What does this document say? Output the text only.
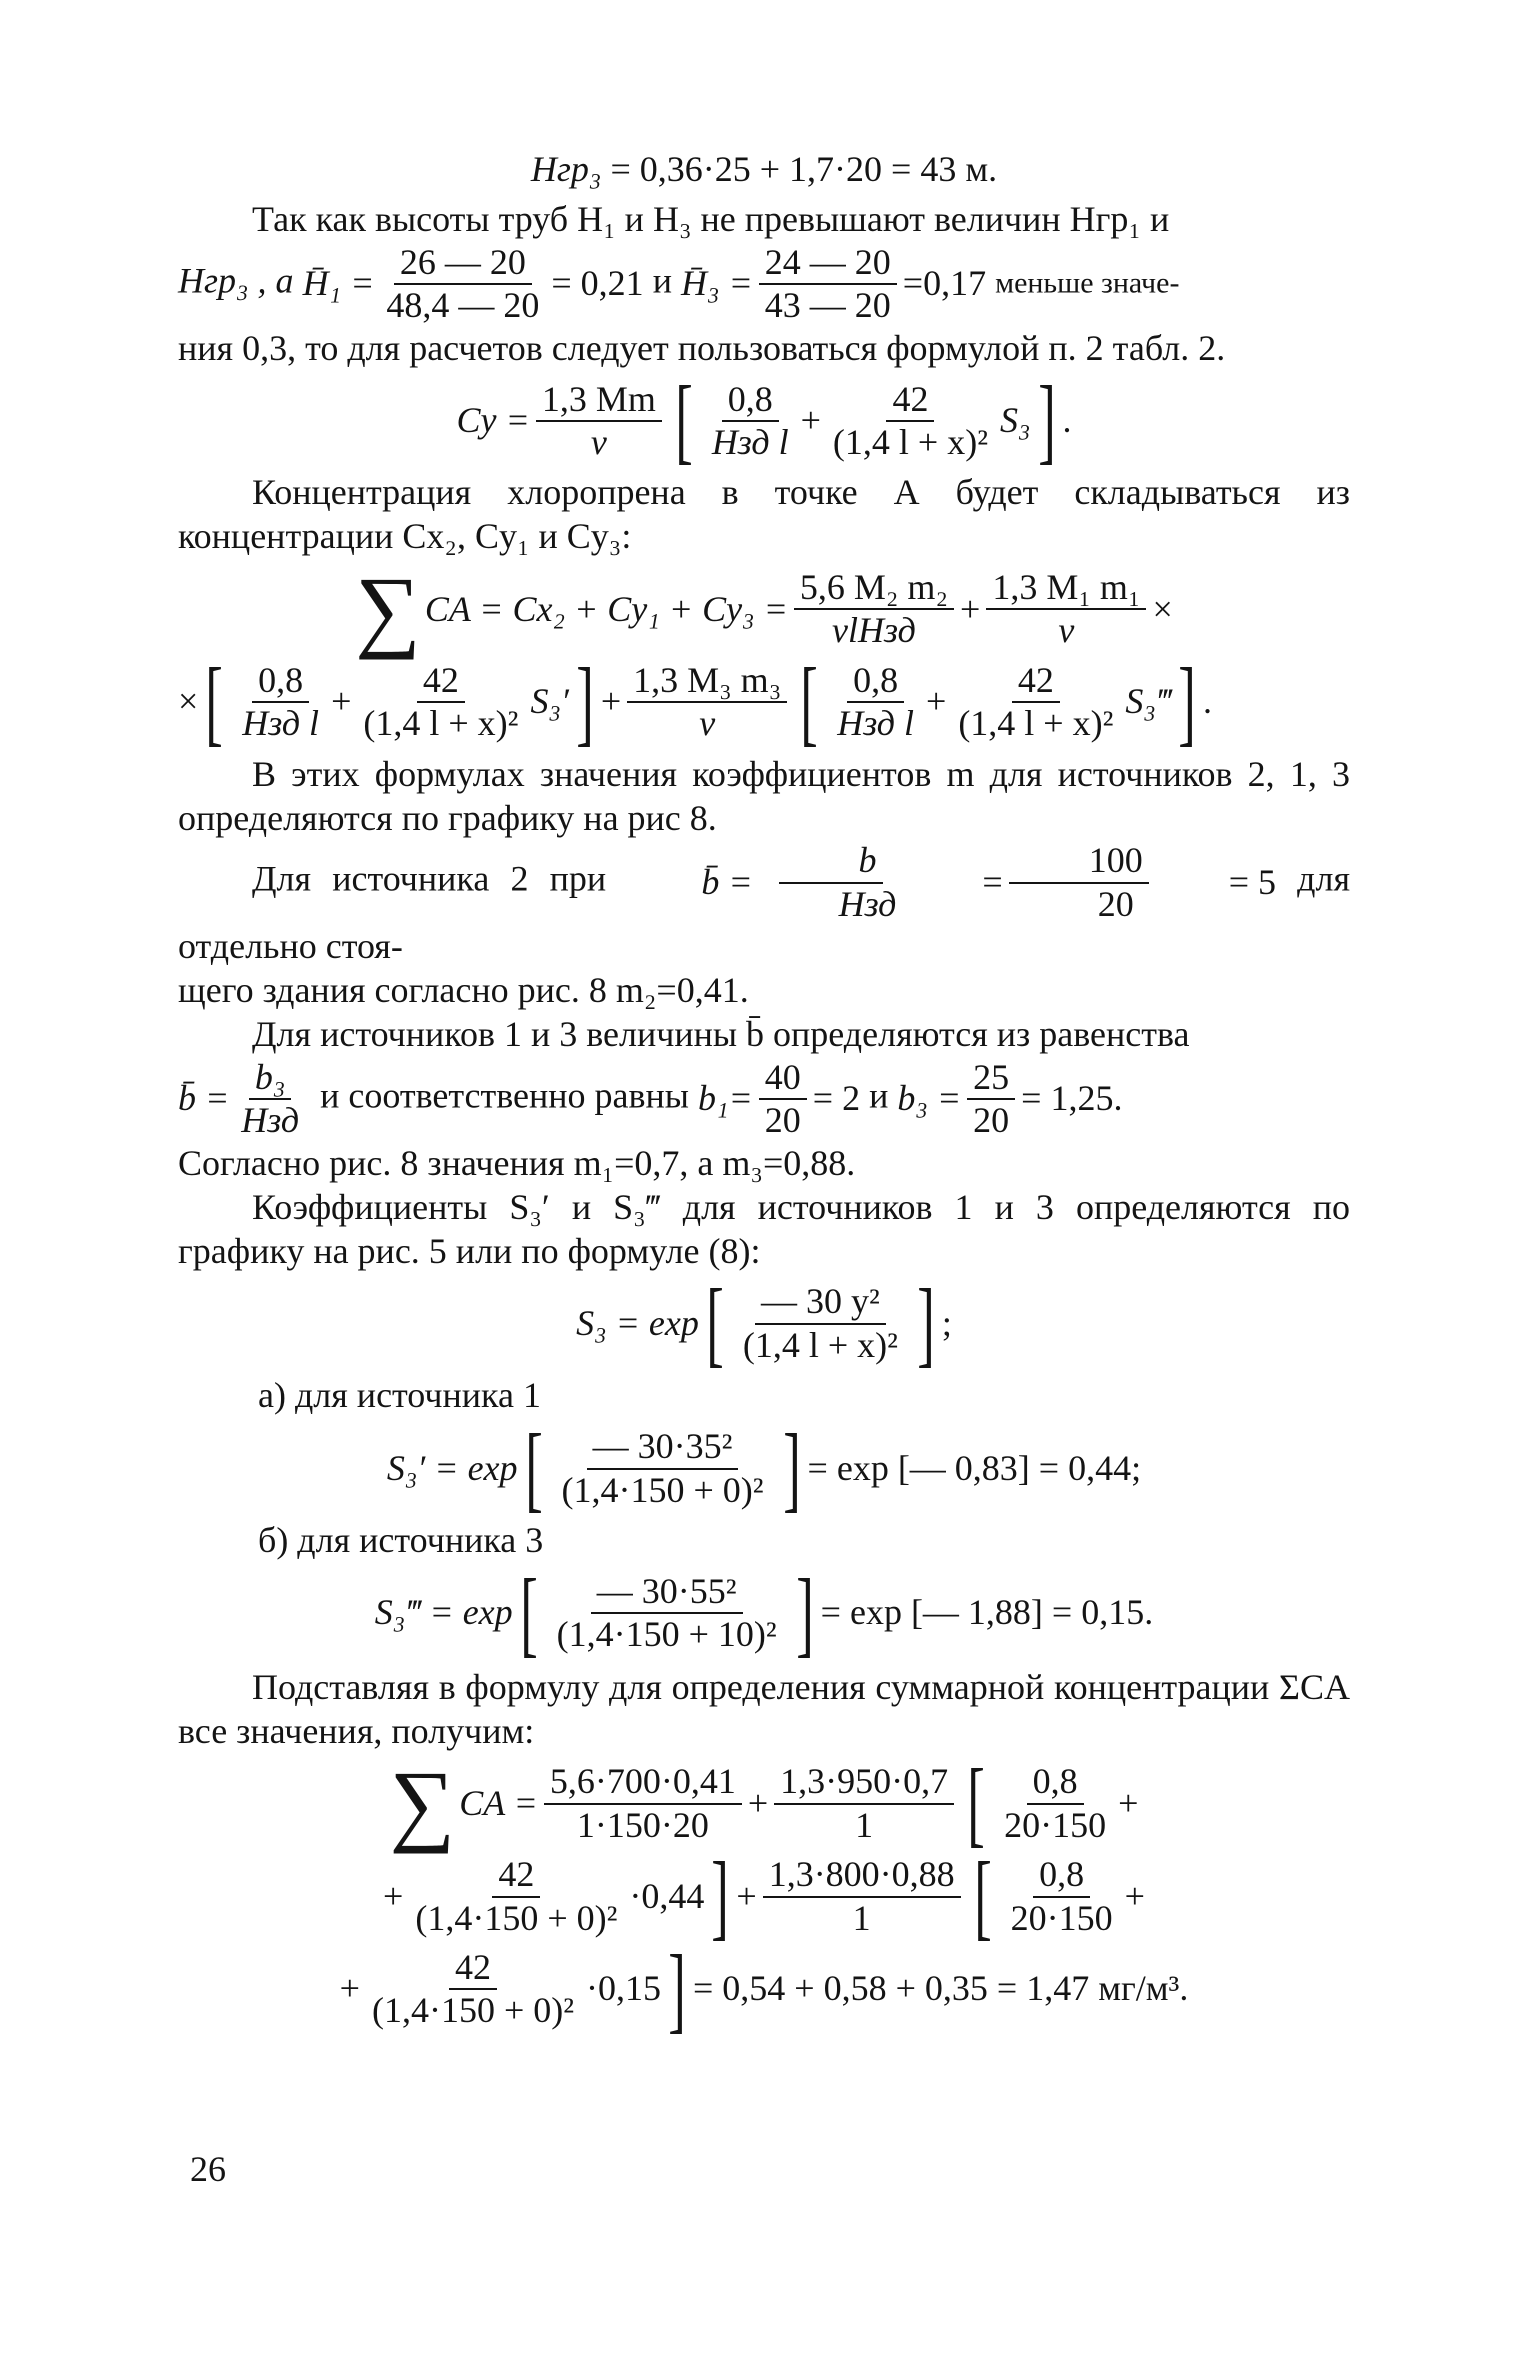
Hгр₃ = 0,36·25 + 1,7·20 = 43 м.

Так как высоты труб H₁ и H₃ не превышают величин Hгр₁ и

Hгр₃ , а H̄₁ = $\frac{26 — 20}{48,4 — 20} = 0,21$ и H̄₃ = $\frac{24 — 20}{43 — 20} =0,17$ меньше значе-

ния 0,3, то для расчетов следует пользоваться формулой п. 2 табл. 2.

$Cy = \frac{1,3 Mm}{v}$ [ 0,8
Hзд l
+ $\frac{42}{\text{(1,4 l + x)²}} S_3$ ] .

Концентрация хлоропрена в точке А будет складываться из концентрации Cx₂, Cy₁ и Cy₃:

∑ CA = Cx₂ + Cy₁ + Cy₃ =
5,6 M₂ m₂
vlHзд
+ $\frac{\text{1,3 M₁ m₁}}{v}$ ×

× [ 0,8
Hзд l
+ $\frac{42}{\text{(1,4 l + x)²}} S_3'$ ] + $\frac{\text{1,3 M₃ m₃}}{v}$ [ 0,8
Hзд l
+ $\frac{42}{\text{(1,4 l + x)²}}$ S₃‴ ] .

В этих формулах значения коэффициентов m для источников 2, 1, 3 определяются по графику на рис 8.

Для источника 2 при	b̄ =
b
Hзд
= $\frac{100}{20}$	= 5 для отдельно стоя-

щего здания согласно рис. 8 m₂=0,41.

Для источников 1 и 3 величины b̄ определяются из равенства

b̄ =
b₃
Hзд
и соответственно равны $b_1= \frac{40}{20} = 2$ и $b_3 = \frac{25}{20} = 1,25$.

Согласно рис. 8 значения m₁=0,7, а m₃=0,88.

Коэффициенты S₃′ и S₃‴ для источников 1 и 3 определяются по графику на рис. 5 или по формуле (8):

S₃ = exp [ — 30 y²
(1,4 l + x)² ] ;

а) для источника 1

S₃′ = exp [ — 30·35²
(1,4·150 + 0)² ] = exp [— 0,83] = 0,44;

б) для источника 3

S₃‴ = exp [ — 30·55²
(1,4·150 + 10)² ] = exp [— 1,88] = 0,15.

Подставляя в формулу для определения суммарной концентрации ΣCA все значения, получим:

∑ CA = $\frac{5,6\cdot 700\cdot 0,41}{1\cdot 150\cdot 20} + \frac{1,3\cdot 950\cdot 0,7}{1}$ [ 0,8
20·150
+

+ $\frac{42}{\text{(1,4·150 + 0)²}} \cdot 0,44$ ] + $\frac{1,3\cdot 800\cdot 0,88}{1}$ [ 0,8
20·150
+

+ $\frac{42}{\text{(1,4·150 + 0)²}} \cdot 0,15$ ] = 0,54 + 0,58 + 0,35 = 1,47 мг/м³.

26
